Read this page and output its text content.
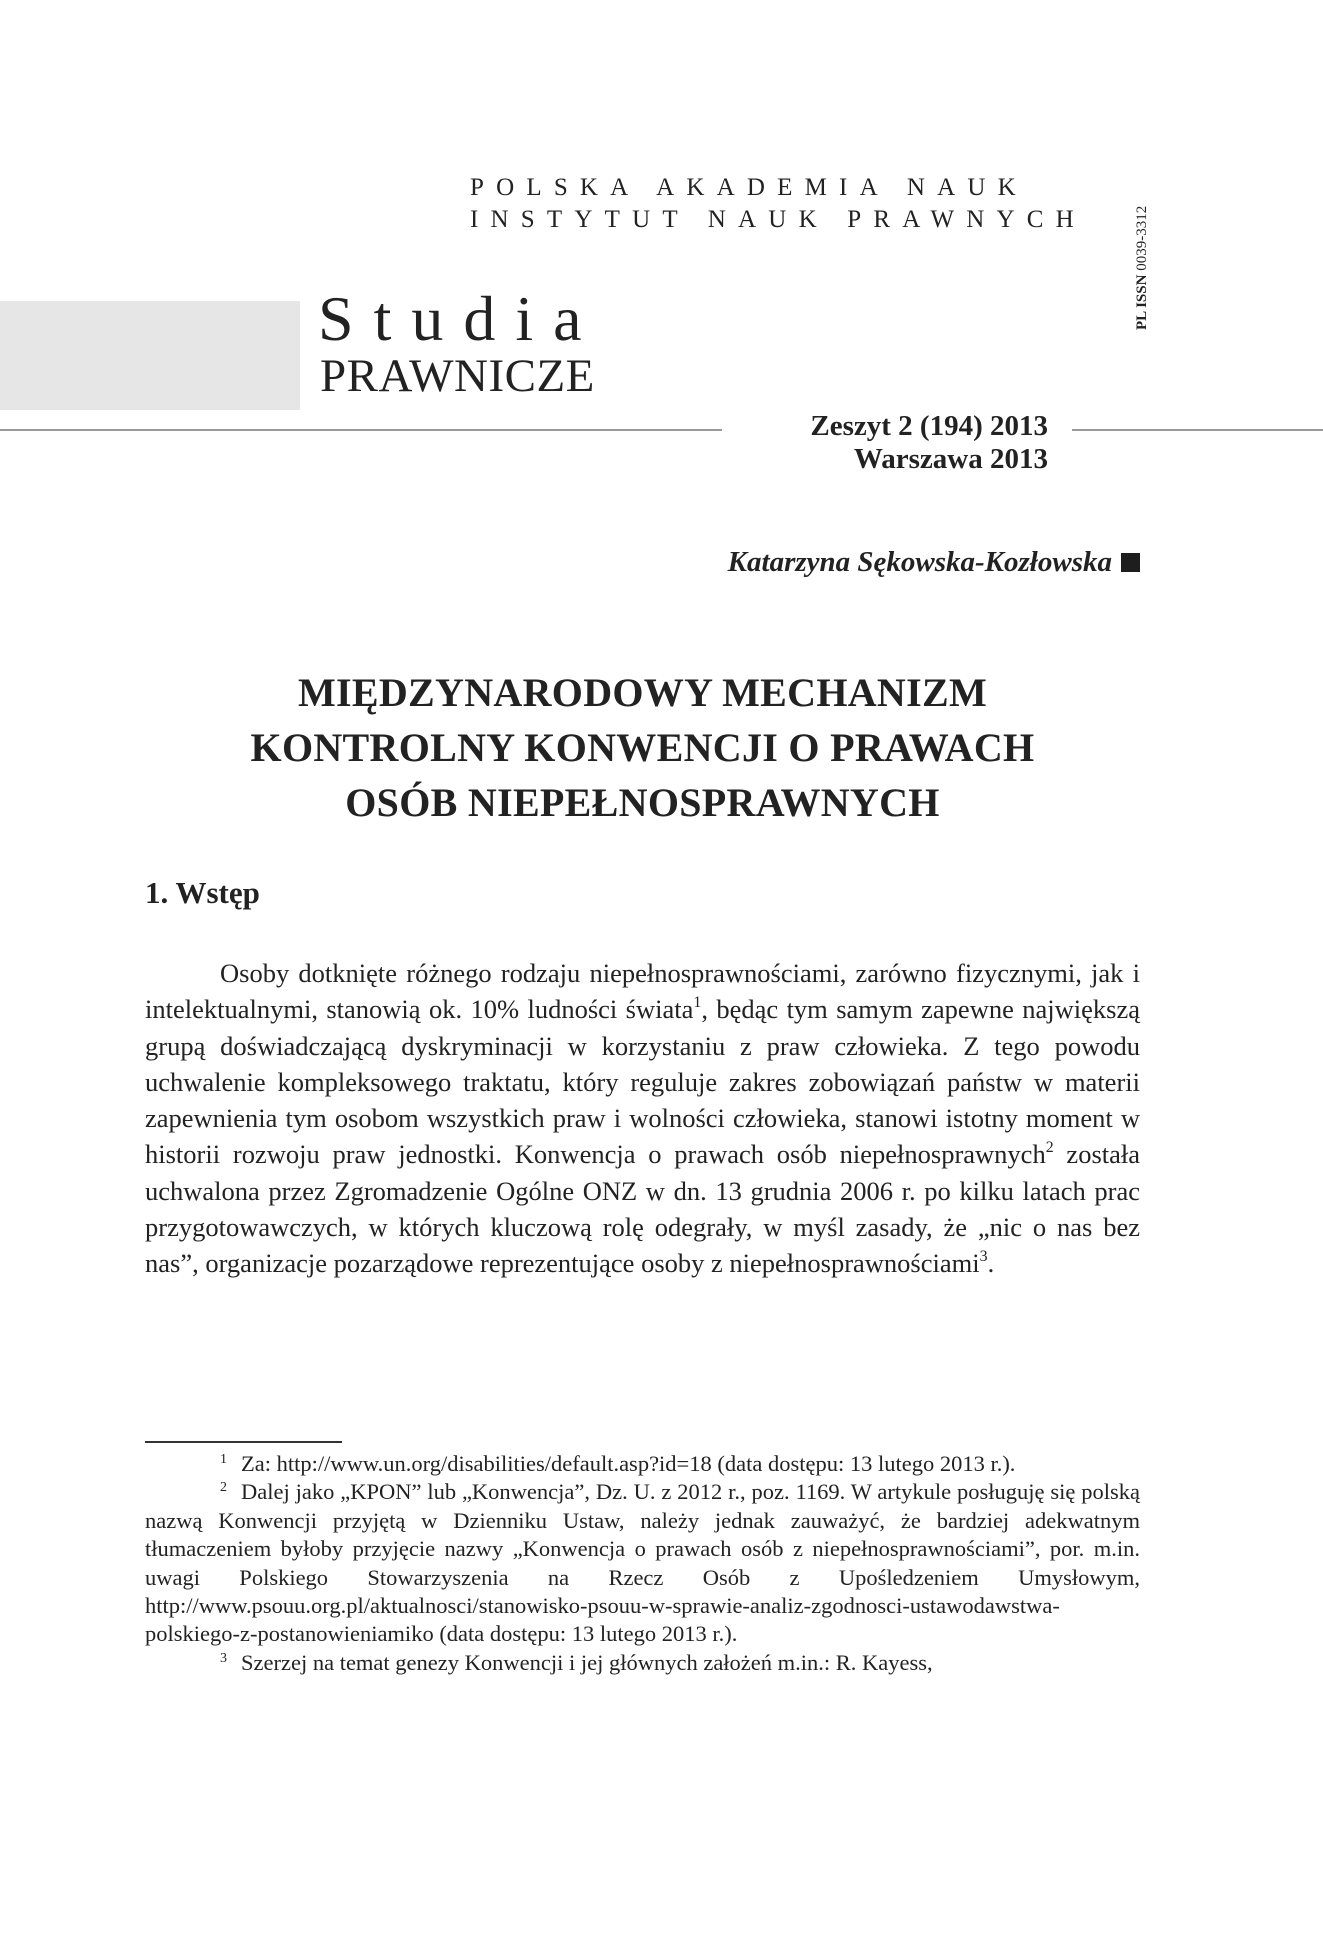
POLSKA AKADEMIA NAUK
INSTYTUT NAUK PRAWNYCH
PL ISSN 0039-3312
Studia
PRAWNICZE
Zeszyt 2 (194) 2013
Warszawa 2013
Katarzyna Sękowska-Kozłowska
MIĘDZYNARODOWY MECHANIZM
KONTROLNY KONWENCJI O PRAWACH
OSÓB NIEPEŁNOSPRAWNYCH
1. Wstęp

Osoby dotknięte różnego rodzaju niepełnosprawnościami, zarówno fizycznymi, jak i intelektualnymi, stanowią ok. 10% ludności świata$^1$, będąc tym samym zapewne największą grupą doświadczającą dyskryminacji w korzystaniu z praw człowieka. Z tego powodu uchwalenie kompleksowego traktatu, który reguluje zakres zobowiązań państw w materii zapewnienia tym osobom wszystkich praw i wolności człowieka, stanowi istotny moment w historii rozwoju praw jednostki. Konwencja o prawach osób niepełnosprawnych$^2$ została uchwalona przez Zgromadzenie Ogólne ONZ w dn. 13 grudnia 2006 r. po kilku latach prac przygotowawczych, w których kluczową rolę odegrały, w myśl zasady, że „nic o nas bez nas”, organizacje pozarządowe reprezentujące osoby z niepełnosprawnościami$^3$.

$^1$ Za: http://www.un.org/disabilities/default.asp?id=18 (data dostępu: 13 lutego 2013 r.).

$^2$ Dalej jako „KPON” lub „Konwencja”, Dz. U. z 2012 r., poz. 1169. W artykule posługuję się polską nazwą Konwencji przyjętą w Dzienniku Ustaw, należy jednak zauważyć, że bardziej adekwatnym tłumaczeniem byłoby przyjęcie nazwy „Konwencja o prawach osób z niepełnosprawnościami”, por. m.in. uwagi Polskiego Stowarzyszenia na Rzecz Osób z Upośledzeniem Umysłowym, http://www.psouu.org.pl/aktualnosci/stanowisko-psouu-w-sprawie-analiz-zgodnosci-ustawodawstwa-polskiego-z-postanowieniamiko (data dostępu: 13 lutego 2013 r.).

$^3$ Szerzej na temat genezy Konwencji i jej głównych założeń m.in.: R. Kayess,
